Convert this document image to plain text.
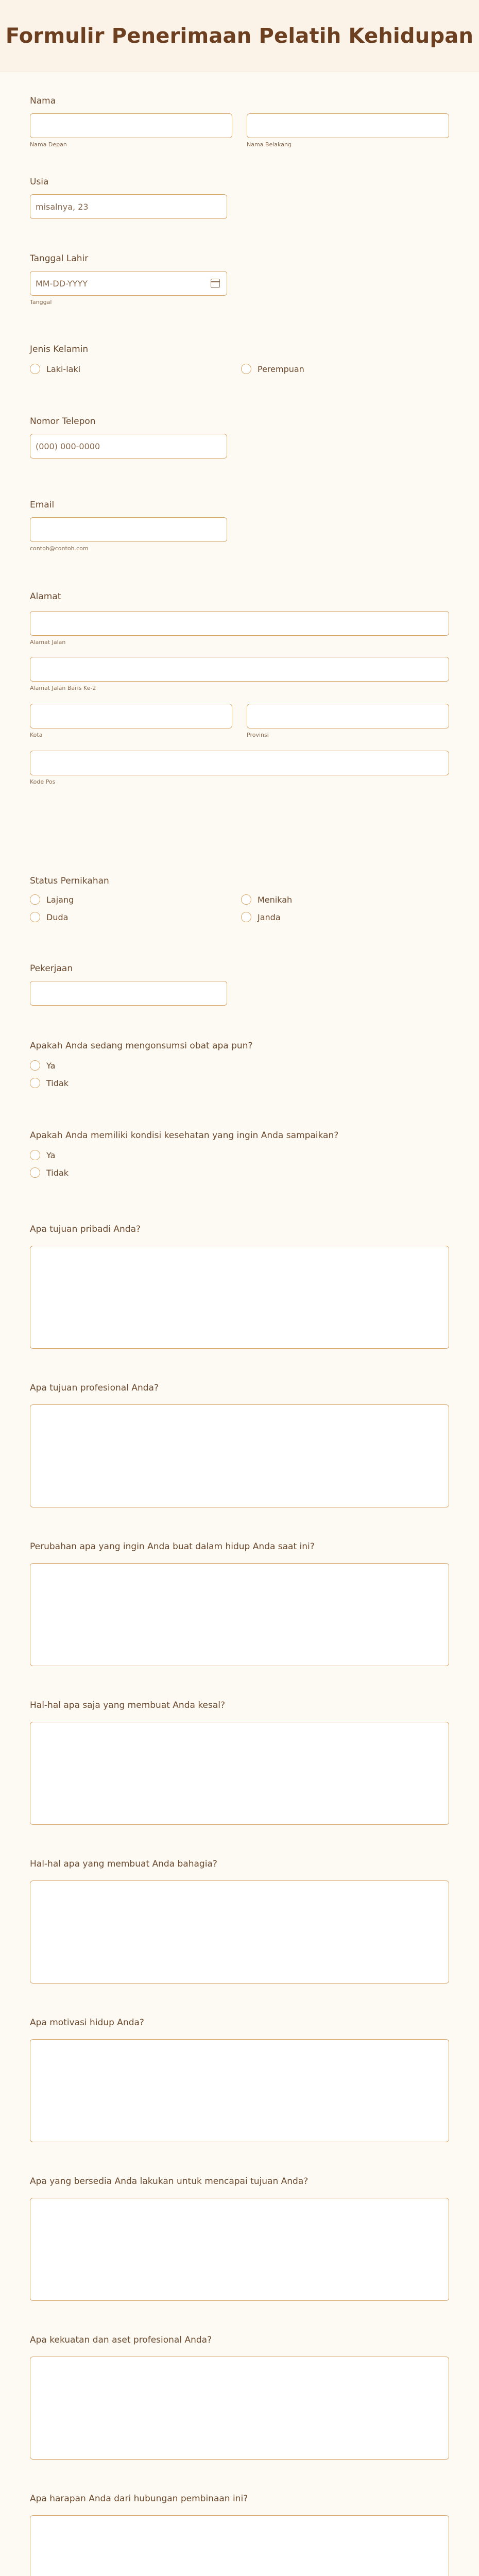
Formulir Penerimaan Pelatih Kehidupan
Nama
Nama Depan	Nama Belakang
Usia
misalnya, 23
Tanggal Lahir
MM-DD-YYYY
Tanggal
Jenis Kelamin
Laki-laki	Perempuan
Nomor Telepon
(000) 000-0000
Email
contoh@contoh.com
Alamat
Alamat Jalan
Alamat Jalan Baris Ke-2
Kota	Provinsi
Kode Pos
Status Pernikahan
Lajang	Menikah
Duda	Janda
Pekerjaan
Apakah Anda sedang mengonsumsi obat apa pun?
Ya
Tidak
Apakah Anda memiliki kondisi kesehatan yang ingin Anda sampaikan?
Ya
Tidak
Apa tujuan pribadi Anda?
Apa tujuan profesional Anda?
Perubahan apa yang ingin Anda buat dalam hidup Anda saat ini?
Hal-hal apa saja yang membuat Anda kesal?
Hal-hal apa yang membuat Anda bahagia?
Apa motivasi hidup Anda?
Apa yang bersedia Anda lakukan untuk mencapai tujuan Anda?
Apa kekuatan dan aset profesional Anda?
Apa harapan Anda dari hubungan pembinaan ini?
